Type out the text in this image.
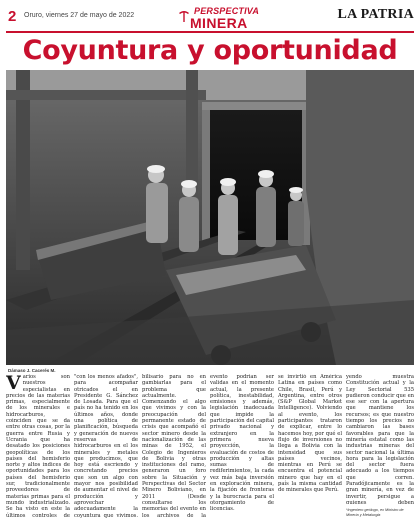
2 Oruro, viernes 27 de mayo de 2022	PERSPECTIVA
MINERA
LA PATRIA
Coyuntura y oportunidad
Dámaso J. Cacerés M.
V arios son nuestros especialistas en precios de las materias primas, especialmente de los minerales e hidrocarburos, coinciden que se da entre otras cosas, por la guerra entre Rusia y Ucrania que ha desatado los posiciones geopolíticas de los países del hemisferio norte y altos indices de oportunidades para los países del hemisferio sur, tradicionalmente proveedores de materias primas para el mundo industrializado. Se ha visto en este la últimos controles de

"con los menos afados", para acompañar otricados el en Presidente G. Sánchez de Losada. Para que el país no ha tenido en los últimos años, donde una política de planificación, búsqueda y generación de nuevos reservas de hidrocarburos en el los minerales y metales que producimos, que hoy está escriendo y concretando precios que son un algo con mayor nos posibilidad de aumentar el nivel de producción y aprovechar adecuadamente la coyuntura que vivimos.

bilisario para no en gambiarlas para el problema que actualmente. Comenzando el algo que vivimos y con la preocupación del permanente estado de crisis que acompañó el sector minero desde la nacionalización de las minas de 1952, el Colegio de Ingenieros de Bolivia y otras instituciones del ramo, generaron un foro sobre la Situación y Perspectivas del Sector Minero Boliviano, en 2011 (Desde consultarse los memorias del evento en los archivos de la

evento podrian ser validas en el momento actual, la presente política, inestabilidad, emisiones y además, legislación inadecuada que impide la participación del capital privado nacional y extranjero en la primera nueva proyección, la evaluación de costos de producción y altas sumas de rediferimientos, la cada vez más baja inversión en exploración minera, la fijación de fronteras y la burocracia para el otorgamiento de licencias.

se invirtió en América Latina en países como Chile, Brasil, Perú y Argentina, entre otros (S&P Global Market Intelligence). Volviendo al evento, los participantes trataron de explicar, entre lo hacemos hoy, por qué el flujo de inversiones no llega a Bolivia con la intensidad que sus países vecinos, mientras en Perú se encuentra el potencial minero que hay en el país la misma cantidad de minerales que Perú.

yendo muestra Constitución actual y la Ley Sectorial 535 pudieron conducir que en ese ser con la apertura que mantiene los recursos; es que nuestro tiempo los precios no cambiaron las bases favorables para que la minería estatal como las industrias mineras del sector nacional la última hora para la legislación del sector fuera adecuado a los tiempos que corren. Paradójicamente es la gran minería, en vez de invertir, persigue a quienes deben

*Ingeniero geólogo, ex Ministro de Minería y Metalurgia
